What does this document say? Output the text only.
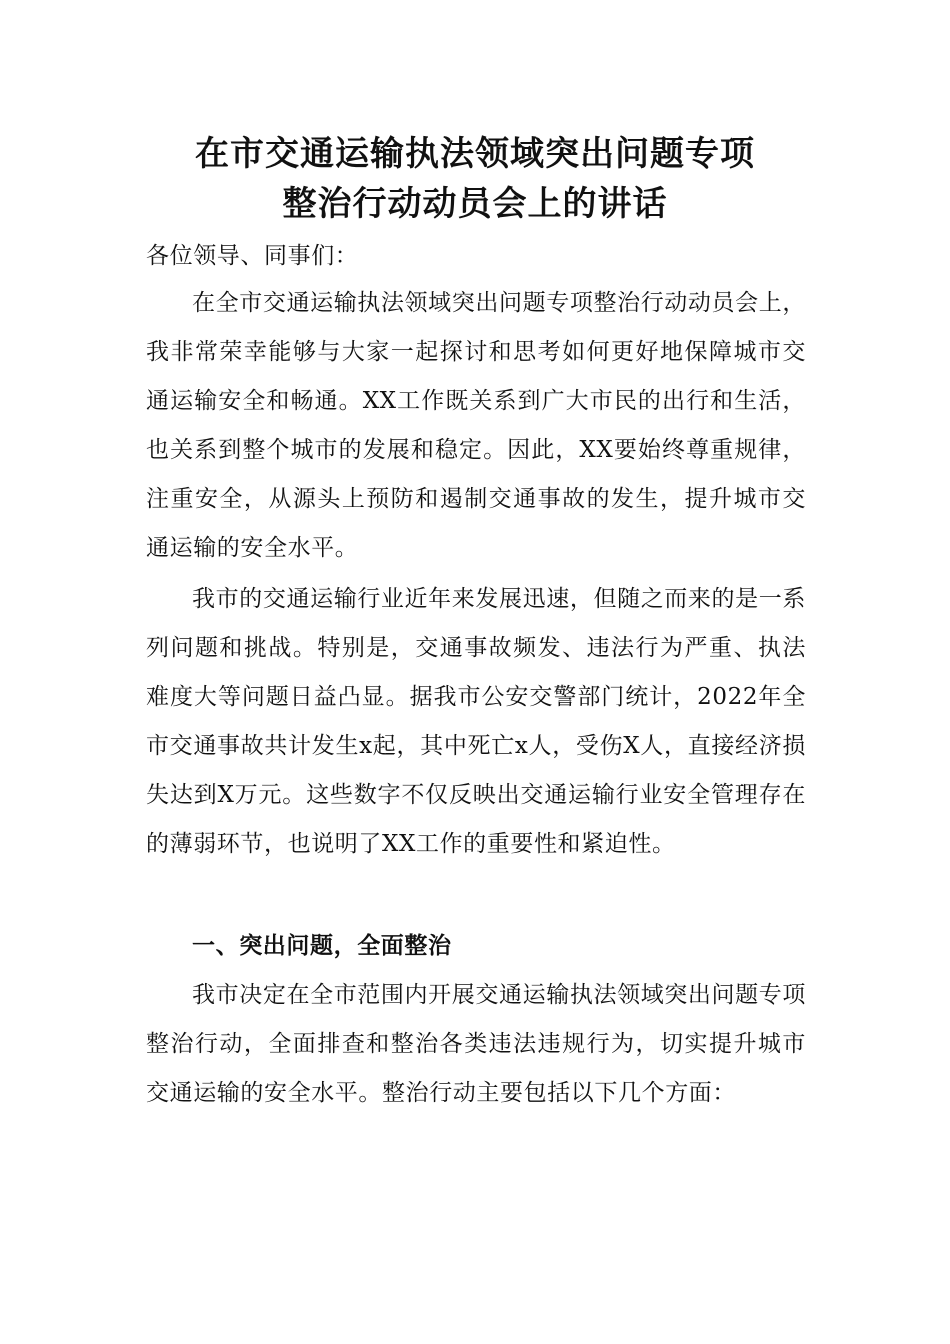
在市交通运输执法领域突出问题专项
整治行动动员会上的讲话
各位领导、同事们：
在全市交通运输执法领域突出问题专项整治行动动员会上，我非常荣幸能够与大家一起探讨和思考如何更好地保障城市交通运输安全和畅通。XX工作既关系到广大市民的出行和生活，也关系到整个城市的发展和稳定。因此，XX要始终尊重规律，注重安全，从源头上预防和遏制交通事故的发生，提升城市交通运输的安全水平。
我市的交通运输行业近年来发展迅速，但随之而来的是一系列问题和挑战。特别是，交通事故频发、违法行为严重、执法难度大等问题日益凸显。据我市公安交警部门统计，2022年全市交通事故共计发生x起，其中死亡x人，受伤X人，直接经济损失达到X万元。这些数字不仅反映出交通运输行业安全管理存在的薄弱环节，也说明了XX工作的重要性和紧迫性。
一、突出问题，全面整治
我市决定在全市范围内开展交通运输执法领域突出问题专项整治行动，全面排查和整治各类违法违规行为，切实提升城市交通运输的安全水平。整治行动主要包括以下几个方面：
